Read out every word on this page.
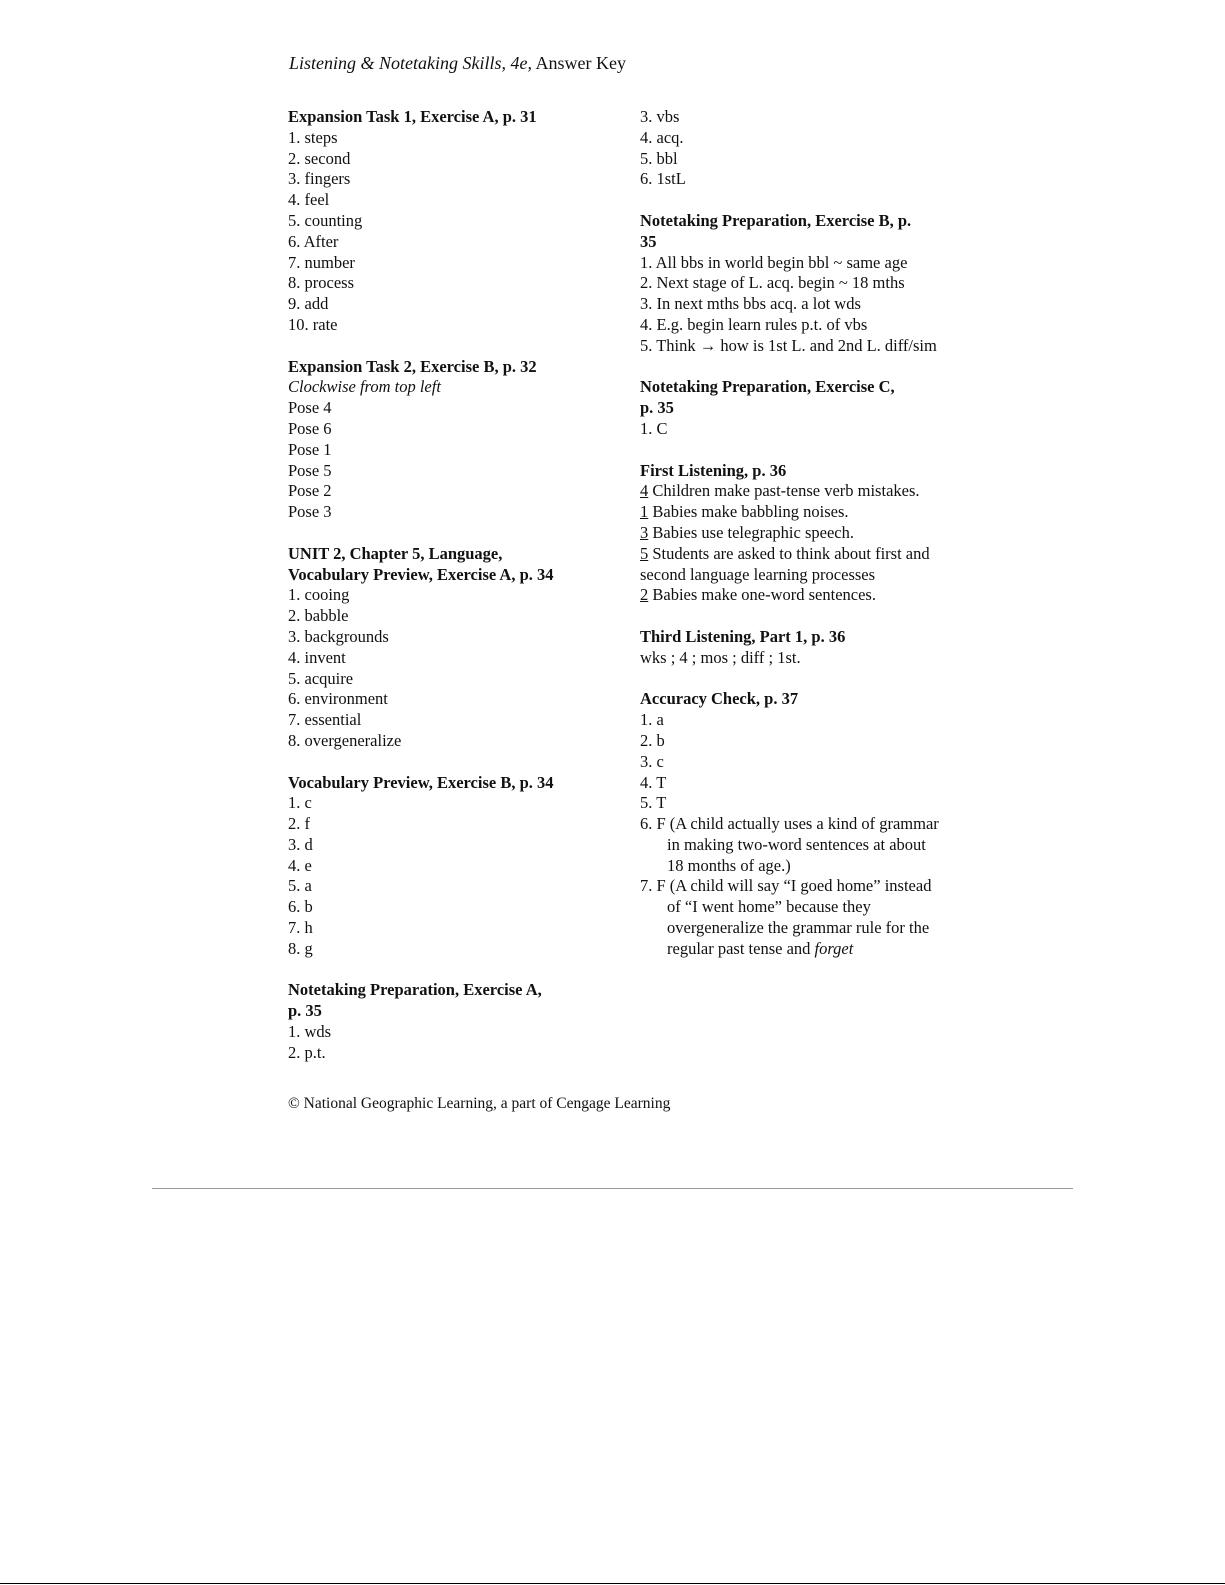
Listening & Notetaking Skills, 4e, Answer Key
Expansion Task 1, Exercise A, p. 31
1. steps
2. second
3. fingers
4. feel
5. counting
6. After
7. number
8. process
9. add
10. rate
Expansion Task 2, Exercise B, p. 32
Clockwise from top left
Pose 4
Pose 6
Pose 1
Pose 5
Pose 2
Pose 3
UNIT 2, Chapter 5, Language,
Vocabulary Preview, Exercise A, p. 34
1. cooing
2. babble
3. backgrounds
4. invent
5. acquire
6. environment
7. essential
8. overgeneralize
Vocabulary Preview, Exercise B, p. 34
1. c
2. f
3. d
4. e
5. a
6. b
7. h
8. g
Notetaking Preparation, Exercise A,
p. 35
1. wds
2. p.t.
3. vbs
4. acq.
5. bbl
6. 1stL
Notetaking Preparation, Exercise B, p.
35
1. All bbs in world begin bbl ~ same age
2. Next stage of L. acq. begin ~ 18 mths
3. In next mths bbs acq. a lot wds
4. E.g. begin learn rules p.t. of vbs
5. Think → how is 1st L. and 2nd L. diff/sim
Notetaking Preparation, Exercise C,
p. 35
1. C
First Listening, p. 36
4 Children make past-tense verb mistakes.
1 Babies make babbling noises.
3 Babies use telegraphic speech.
5 Students are asked to think about first and second language learning processes
2 Babies make one-word sentences.
Third Listening, Part 1, p. 36
wks ; 4 ; mos ; diff ; 1st.
Accuracy Check, p. 37
1. a
2. b
3. c
4. T
5. T
6. F (A child actually uses a kind of grammar in making two-word sentences at about 18 months of age.)
7. F (A child will say “I goed home” instead of “I went home” because they overgeneralize the grammar rule for the regular past tense and forget
© National Geographic Learning, a part of Cengage Learning
